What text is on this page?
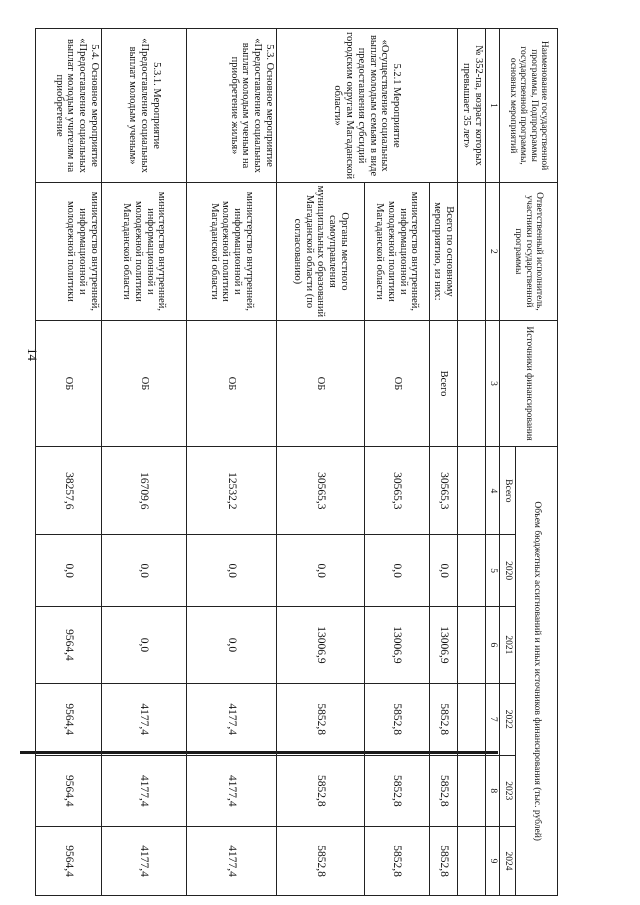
14
Наименование государственной программы, Подпрограммы государственной программы, основных мероприятий	Ответственный исполнитель, участники государственной программы	Источники финансирования	Объем бюджетных ассигнований и иных источников финансирования (тыс. рублей)					
			Всего	2020	2021	2022	2023	2024
1	2	3	4	5	6	7	8	9
№ 352-па, возраст которых превышает 35 лет»								
5.2.1 Мероприятие «Осуществление социальных выплат молодым семьям в виде предоставления субсидий городским округам Магаданской области»	Всего по основному мероприятию, из них:	Всего	30565,3	0,0	13006,9	5852,8	5852,8	5852,8
	министерство внутренней, информационной и молодежной политики Магаданской области	ОБ	30565,3	0,0	13006,9	5852,8	5852,8	5852,8
	Органы местного самоуправления муниципальных образований Магаданской области (по согласованию)	ОБ	30565,3	0,0	13006,9	5852,8	5852,8	5852,8
5.3. Основное мероприятие «Предоставление социальных выплат молодым ученым на приобретение жилья»	министерство внутренней, информационной и молодежной политики Магаданской области	ОБ	12532,2	0,0	0,0	4177,4	4177,4	4177,4
5.3.1. Мероприятие «Предоставление социальных выплат молодым ученым»	министерство внутренней, информационной и молодежной политики Магаданской области	ОБ	16709,6	0,0	0,0	4177,4	4177,4	4177,4
5.4. Основное мероприятие «Предоставление социальных выплат молодым учителям на приобретение	министерство внутренней, информационной и молодежной политики	ОБ	38257,6	0,0	9564,4	9564,4	9564,4	9564,4
